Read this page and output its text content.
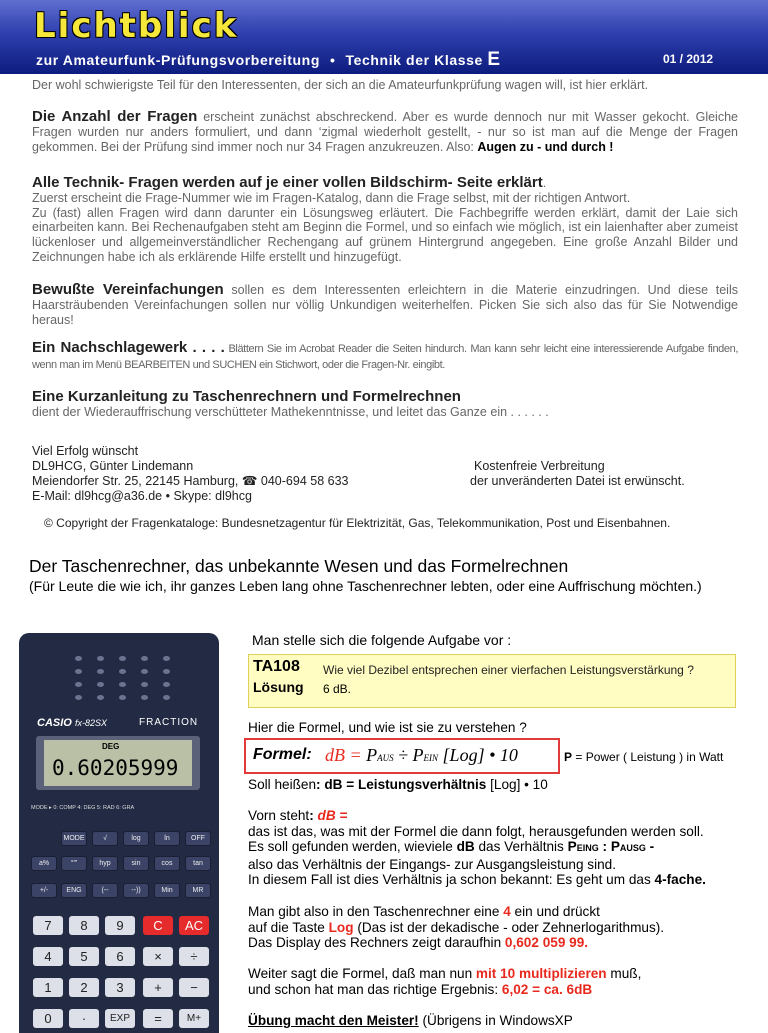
Lichtblick
zur Amateurfunk-Prüfungsvorbereitung • Technik der Klasse E	01 / 2012
Der wohl schwierigste Teil für den Interessenten, der sich an die Amateurfunkprüfung wagen will, ist hier erklärt.
Die Anzahl der Fragen erscheint zunächst abschreckend. Aber es wurde dennoch nur mit Wasser gekocht. Gleiche Fragen wurden nur anders formuliert, und dann ‘zigmal wiederholt gestellt, - nur so ist man auf die Menge der Fragen gekommen. Bei der Prüfung sind immer noch nur 34 Fragen anzukreuzen. Also: Augen zu - und durch !
Alle Technik- Fragen werden auf je einer vollen Bildschirm- Seite erklärt.
Zuerst erscheint die Frage-Nummer wie im Fragen-Katalog, dann die Frage selbst, mit der richtigen Antwort.
Zu (fast) allen Fragen wird dann darunter ein Lösungsweg erläutert. Die Fachbegriffe werden erklärt, damit der Laie sich einarbeiten kann. Bei Rechenaufgaben steht am Beginn die Formel, und so einfach wie möglich, ist ein laienhafter aber zumeist lückenloser und allgemeinverständlicher Rechengang auf grünem Hintergrund angegeben. Eine große Anzahl Bilder und Zeichnungen habe ich als erklärende Hilfe erstellt und hinzugefügt.
Bewußte Vereinfachungen sollen es dem Interessenten erleichtern in die Materie einzudringen. Und diese teils Haarsträubenden Vereinfachungen sollen nur völlig Unkundigen weiterhelfen. Picken Sie sich also das für Sie Notwendige heraus!
Ein Nachschlagewerk . . . . Blättern Sie im Acrobat Reader die Seiten hindurch. Man kann sehr leicht eine interessierende Aufgabe finden, wenn man im Menü BEARBEITEN und SUCHEN ein Stichwort, oder die Fragen-Nr. eingibt.
Eine Kurzanleitung zu Taschenrechnern und Formelrechnen
dient der Wiederauffrischung verschütteter Mathekenntnisse, und leitet das Ganze ein . . . . . .
Viel Erfolg wünscht
DL9HCG, Günter Lindemann
Meiendorfer Str. 25, 22145 Hamburg, ☎ 040-694 58 633
E-Mail: dl9hcg@a36.de • Skype: dl9hcg
Kostenfreie Verbreitung
der unveränderten Datei ist erwünscht.
© Copyright der Fragenkataloge: Bundesnetzagentur für Elektrizität, Gas, Telekommunikation, Post und Eisenbahnen.
Der Taschenrechner, das unbekannte Wesen und das Formelrechnen
(Für Leute die wie ich, ihr ganzes Leben lang ohne Taschenrechner lebten, oder eine Auffrischung möchten.)
CASIO fx-82SX	FRACTION
DEG
0.60205999
MODE ▸ 0: COMP 4: DEG 5: RAD 6: GRA
MODE	√	log	ln	OFF
a%	°'"	hyp	sin	cos	tan
+/-	ENG	(--	--))	Min	MR
7	8	9	C	AC
4	5	6	×	÷
1	2	3	+	−
0	·	EXP	=	M+
Man stelle sich die folgende Aufgabe vor :
TA108 Wie viel Dezibel entsprechen einer vierfachen Leistungsverstärkung ?
Lösung 6 dB.
Hier die Formel, und wie ist sie zu verstehen ?
Formel: dB = PAUS ÷ PEIN [Log] • 10	P = Power ( Leistung ) in Watt
Soll heißen: dB = Leistungsverhältnis [Log] • 10
Vorn steht: dB =
das ist das, was mit der Formel die dann folgt, herausgefunden werden soll.
Es soll gefunden werden, wieviele dB das Verhältnis PEING : PAUSG -
also das Verhältnis der Eingangs- zur Ausgangsleistung sind.
In diesem Fall ist dies Verhältnis ja schon bekannt: Es geht um das 4-fache.
Man gibt also in den Taschenrechner eine 4 ein und drückt
auf die Taste Log (Das ist der dekadische - oder Zehnerlogarithmus).
Das Display des Rechners zeigt daraufhin 0,602 059 99.
Weiter sagt die Formel, daß man nun mit 10 multiplizieren muß,
und schon hat man das richtige Ergebnis: 6,02 = ca. 6dB
Übung macht den Meister! (Übrigens in WindowsXP
